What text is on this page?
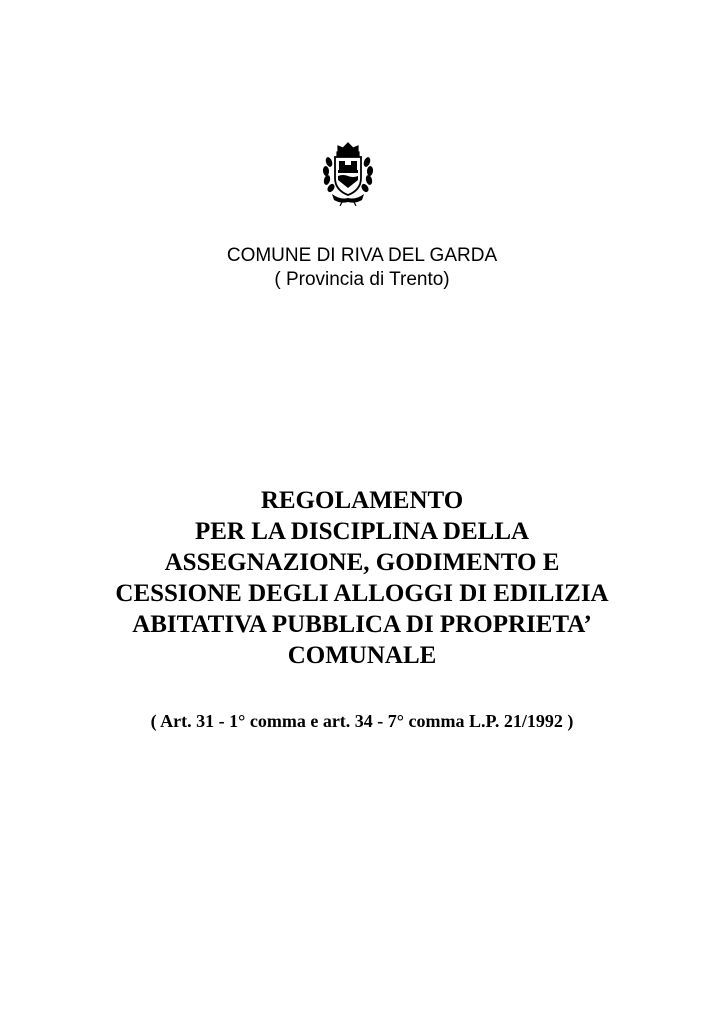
COMUNE DI RIVA DEL GARDA
( Provincia di Trento)
REGOLAMENTO
PER LA DISCIPLINA DELLA
ASSEGNAZIONE, GODIMENTO E
CESSIONE DEGLI ALLOGGI DI EDILIZIA
ABITATIVA PUBBLICA DI PROPRIETA’
COMUNALE
( Art. 31 - 1° comma e art. 34 - 7° comma L.P. 21/1992 )
